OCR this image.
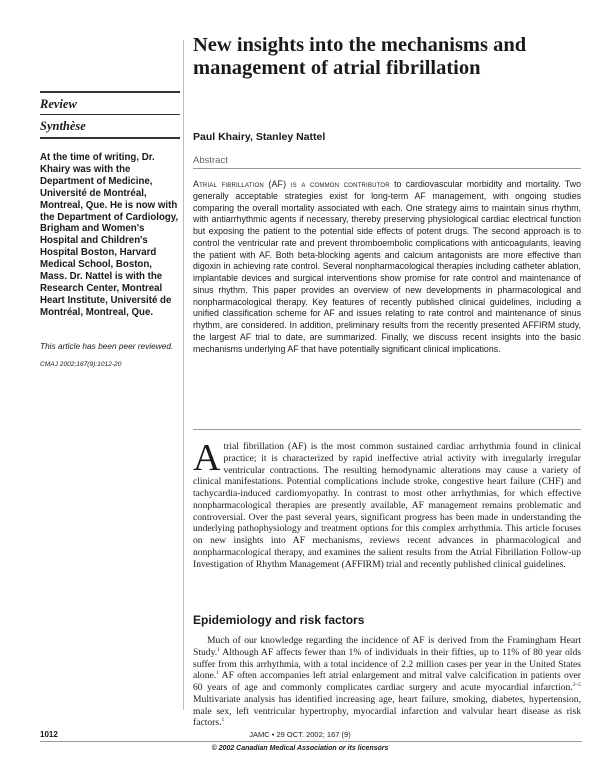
New insights into the mechanisms and management of atrial fibrillation
Review
Synthèse

At the time of writing, Dr. Khairy was with the Department of Medicine, Université de Montréal, Montreal, Que. He is now with the Department of Cardiology, Brigham and Women's Hospital and Children's Hospital Boston, Harvard Medical School, Boston, Mass. Dr. Nattel is with the Research Center, Montreal Heart Institute, Université de Montréal, Montreal, Que.

This article has been peer reviewed.

CMAJ 2002;167(9):1012-20

Paul Khairy, Stanley Nattel

Abstract

Atrial fibrillation (AF) is a common contributor to cardiovascular morbidity and mortality. Two generally acceptable strategies exist for long-term AF management, with ongoing studies comparing the overall mortality associated with each. One strategy aims to maintain sinus rhythm, with antiarrhythmic agents if necessary, thereby preserving physiological cardiac electrical function but exposing the patient to the potential side effects of potent drugs. The second approach is to control the ventricular rate and prevent thromboembolic complications with anticoagulants, leaving the patient with AF. Both beta-blocking agents and calcium antagonists are more effective than digoxin in achieving rate control. Several nonpharmacological therapies including catheter ablation, implantable devices and surgical interventions show promise for rate control and maintenance of sinus rhythm. This paper provides an overview of new developments in pharmacological and nonpharmacological therapy. Key features of recently published clinical guidelines, including a unified classification scheme for AF and issues relating to rate control and maintenance of sinus rhythm, are considered. In addition, preliminary results from the recently presented AFFIRM study, the largest AF trial to date, are summarized. Finally, we discuss recent insights into the basic mechanisms underlying AF that have potentially significant clinical implications.

Atrial fibrillation (AF) is the most common sustained cardiac arrhythmia found in clinical practice; it is characterized by rapid ineffective atrial activity with irregularly irregular ventricular contractions. The resulting hemodynamic alterations may cause a variety of clinical manifestations. Potential complications include stroke, congestive heart failure (CHF) and tachycardia-induced cardiomyopathy. In contrast to most other arrhythmias, for which effective nonpharmacological therapies are presently available, AF management remains problematic and controversial. Over the past several years, significant progress has been made in understanding the underlying pathophysiology and treatment options for this complex arrhythmia. This article focuses on new insights into AF mechanisms, reviews recent advances in pharmacological and nonpharmacological therapy, and examines the salient results from the Atrial Fibrillation Follow-up Investigation of Rhythm Management (AFFIRM) trial and recently published clinical guidelines.

Epidemiology and risk factors

Much of our knowledge regarding the incidence of AF is derived from the Framingham Heart Study.$^1$ Although AF affects fewer than 1% of individuals in their fifties, up to 11% of 80 year olds suffer from this arrhythmia, with a total incidence of 2.2 million cases per year in the United States alone.$^1$ AF often accompanies left atrial enlargement and mitral valve calcification in patients over 60 years of age and commonly complicates cardiac surgery and acute myocardial infarction.$^{2-5}$ Multivariate analysis has identified increasing age, heart failure, smoking, diabetes, hypertension, male sex, left ventricular hypertrophy, myocardial infarction and valvular heart disease as risk factors.$^1$

1012	JAMC • 29 OCT. 2002; 167 (9)

© 2002 Canadian Medical Association or its licensors
